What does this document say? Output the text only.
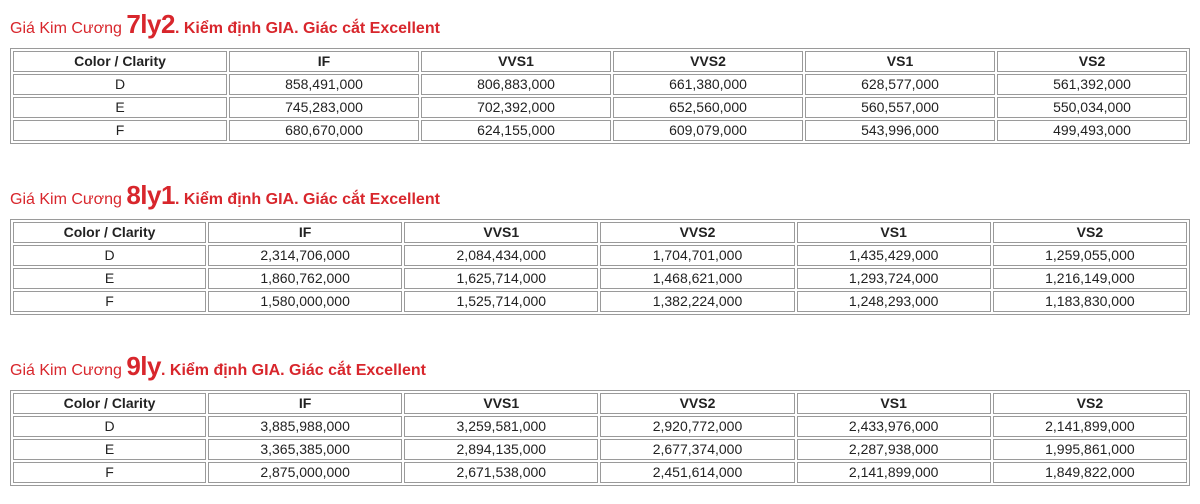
Giá Kim Cương 7ly2. Kiểm định GIA. Giác cắt Excellent
Color / Clarity	IF	VVS1	VVS2	VS1	VS2
D	858,491,000	806,883,000	661,380,000	628,577,000	561,392,000
E	745,283,000	702,392,000	652,560,000	560,557,000	550,034,000
F	680,670,000	624,155,000	609,079,000	543,996,000	499,493,000
Giá Kim Cương 8ly1. Kiểm định GIA. Giác cắt Excellent
Color / Clarity	IF	VVS1	VVS2	VS1	VS2
D	2,314,706,000	2,084,434,000	1,704,701,000	1,435,429,000	1,259,055,000
E	1,860,762,000	1,625,714,000	1,468,621,000	1,293,724,000	1,216,149,000
F	1,580,000,000	1,525,714,000	1,382,224,000	1,248,293,000	1,183,830,000
Giá Kim Cương 9ly. Kiểm định GIA. Giác cắt Excellent
Color / Clarity	IF	VVS1	VVS2	VS1	VS2
D	3,885,988,000	3,259,581,000	2,920,772,000	2,433,976,000	2,141,899,000
E	3,365,385,000	2,894,135,000	2,677,374,000	2,287,938,000	1,995,861,000
F	2,875,000,000	2,671,538,000	2,451,614,000	2,141,899,000	1,849,822,000
